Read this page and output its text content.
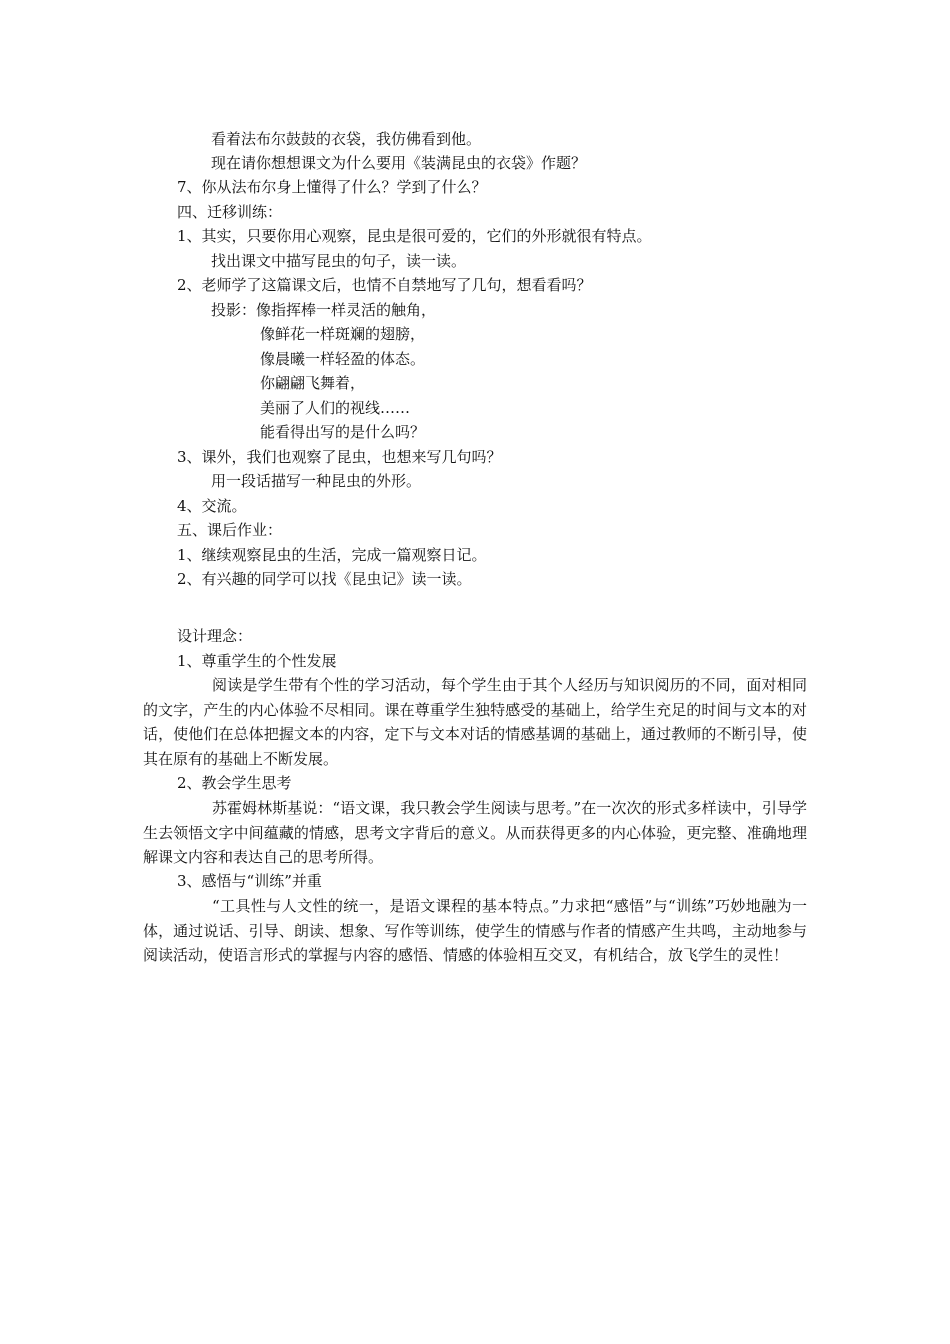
看着法布尔鼓鼓的衣袋，我仿佛看到他。
现在请你想想课文为什么要用《装满昆虫的衣袋》作题？
7、你从法布尔身上懂得了什么？学到了什么？
四、迁移训练：
1、其实，只要你用心观察，昆虫是很可爱的，它们的外形就很有特点。
找出课文中描写昆虫的句子，读一读。
2、老师学了这篇课文后，也情不自禁地写了几句，想看看吗？
投影：像指挥棒一样灵活的触角，
像鲜花一样斑斓的翅膀，
像晨曦一样轻盈的体态。
你翩翩飞舞着，
美丽了人们的视线……
能看得出写的是什么吗？
3、课外，我们也观察了昆虫，也想来写几句吗？
用一段话描写一种昆虫的外形。
4、交流。
五、课后作业：
1、继续观察昆虫的生活，完成一篇观察日记。
2、有兴趣的同学可以找《昆虫记》读一读。
设计理念：
1、尊重学生的个性发展
阅读是学生带有个性的学习活动，每个学生由于其个人经历与知识阅历的不同，面对相同的文字，产生的内心体验不尽相同。课在尊重学生独特感受的基础上，给学生充足的时间与文本的对话，使他们在总体把握文本的内容，定下与文本对话的情感基调的基础上，通过教师的不断引导，使其在原有的基础上不断发展。
2、教会学生思考
苏霍姆林斯基说：“语文课，我只教会学生阅读与思考。”在一次次的形式多样读中，引导学生去领悟文字中间蕴藏的情感，思考文字背后的意义。从而获得更多的内心体验，更完整、准确地理解课文内容和表达自己的思考所得。
3、感悟与“训练”并重
“工具性与人文性的统一，是语文课程的基本特点。”力求把“感悟”与“训练”巧妙地融为一体，通过说话、引导、朗读、想象、写作等训练，使学生的情感与作者的情感产生共鸣，主动地参与阅读活动，使语言形式的掌握与内容的感悟、情感的体验相互交叉，有机结合，放飞学生的灵性！
